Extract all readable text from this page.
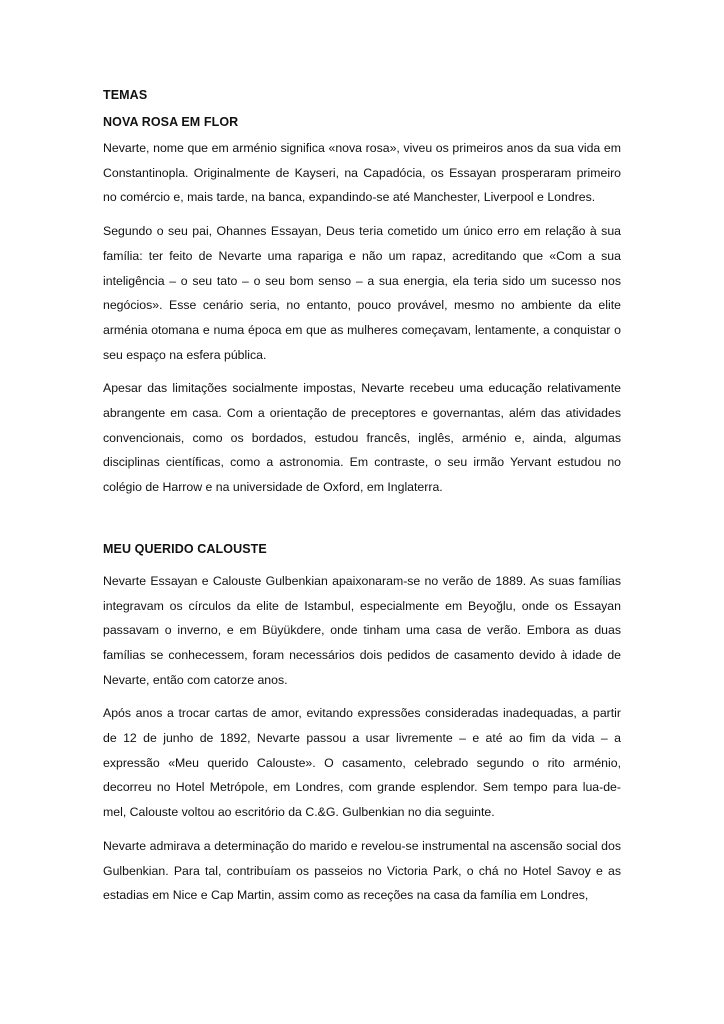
TEMAS
NOVA ROSA EM FLOR

Nevarte, nome que em arménio significa «nova rosa», viveu os primeiros anos da sua vida em Constantinopla. Originalmente de Kayseri, na Capadócia, os Essayan prosperaram primeiro no comércio e, mais tarde, na banca, expandindo-se até Manchester, Liverpool e Londres.

Segundo o seu pai, Ohannes Essayan, Deus teria cometido um único erro em relação à sua família: ter feito de Nevarte uma rapariga e não um rapaz, acreditando que «Com a sua inteligência – o seu tato – o seu bom senso – a sua energia, ela teria sido um sucesso nos negócios». Esse cenário seria, no entanto, pouco provável, mesmo no ambiente da elite arménia otomana e numa época em que as mulheres começavam, lentamente, a conquistar o seu espaço na esfera pública.

Apesar das limitações socialmente impostas, Nevarte recebeu uma educação relativamente abrangente em casa. Com a orientação de preceptores e governantas, além das atividades convencionais, como os bordados, estudou francês, inglês, arménio e, ainda, algumas disciplinas científicas, como a astronomia. Em contraste, o seu irmão Yervant estudou no colégio de Harrow e na universidade de Oxford, em Inglaterra.

MEU QUERIDO CALOUSTE

Nevarte Essayan e Calouste Gulbenkian apaixonaram-se no verão de 1889. As suas famílias integravam os círculos da elite de Istambul, especialmente em Beyoğlu, onde os Essayan passavam o inverno, e em Büyükdere, onde tinham uma casa de verão. Embora as duas famílias se conhecessem, foram necessários dois pedidos de casamento devido à idade de Nevarte, então com catorze anos.

Após anos a trocar cartas de amor, evitando expressões consideradas inadequadas, a partir de 12 de junho de 1892, Nevarte passou a usar livremente – e até ao fim da vida – a expressão «Meu querido Calouste». O casamento, celebrado segundo o rito arménio, decorreu no Hotel Metrópole, em Londres, com grande esplendor. Sem tempo para lua-de-mel, Calouste voltou ao escritório da C.&G. Gulbenkian no dia seguinte.

Nevarte admirava a determinação do marido e revelou-se instrumental na ascensão social dos Gulbenkian. Para tal, contribuíam os passeios no Victoria Park, o chá no Hotel Savoy e as estadias em Nice e Cap Martin, assim como as receções na casa da família em Londres,
